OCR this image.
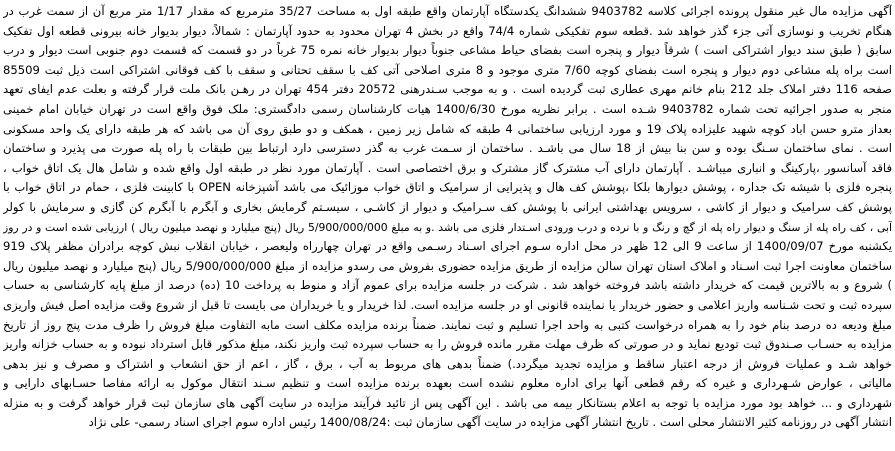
آگهی مزایده مال غیر منقول پرونده اجرائی کلاسه 9403782 ششدانگ یکدستگاه آپارتمان واقع طبقه اول به مساحت 35/27 مترمربع که مقدار 1/17 متر مربع آن از سمت غرب در
هنگام تخریب و نوسازی آتی جزء گذر خواهد شد .قطعه سوم تفکیکی شماره 74/4 واقع در بخش 4 تهران محدود به حدود آپارتمان : شمالاً، دیوار بدیوار خانه بیرونی قطعه اول تفکیک
سابق ( طبق سند دیوار اشتراکی است ) شرقاً دیوار و پنجره است بفضای حیاط مشاعی جنوباً دیوار بدیوار خانه نمره 75 غرباً در دو قسمت که قسمت دوم جنوبی است دیوار و درب
است براه پله مشاعی دوم دیوار و پنجره است بفضای کوچه 7/60 متری موجود و 8 متری اصلاحی آتی کف با سقف تحتانی و سقف با کف فوقانی اشتراکی است ذیل ثبت 85509
صفحه 116 دفتر املاک جلد 212 بنام خانم مهری عطاری ثبت گردیده است . و به موجب سـندرهنی 20572 دفتر 454 تهران در رهـن بانک ملت قرار گرفته و بعلت عدم ایفای تعهد
منجر به صدور اجرائیه تحت شماره 9403782 شـده است . برابر نظریه مورخ 1400/6/30 هیات کارشناسان رسمی دادگستری: ملک فوق واقع است در تهران خیابان امام خمینی
بعداز مترو حسن اباد کوچه شهید علیزاده پلاک 19 و مورد ارزیابی ساختمانی 4 طبقه که شامل زیر زمین ، همکف و دو طبق روی آن می باشد که هر طبقه دارای یک واحد مسکونی
است . نمای ساختمان سـنگ بوده و سن بنا بیش از 18 سال می باشـد . ساختمان از سـمت غرب به گذر دسترسی دارد ارتباط بین طبقات با راه پله صورت می پذیرد و ساختمان
فاقد آسانسور ،پارکینگ و انباری میباشـد . آپارتمان دارای آب مشترک گاز مشترک و برق اختصاصی است . آپارتمان مورد نظر در طبقه اول واقع شده و شامل هال یک اتاق خواب ،
پنجره فلزی با شیشه تک جداره ، پوشش دیوارها بلکا ،پوشش کف هال و پذیرایی از سرامیک و اتاق خواب موزائیک می باشد آشپزخانه OPEN با کابینت فلزی ، حمام در اتاق خواب با
پوشش کف سرامیک و دیوار از کاشی ، سرویس بهداشتی ایرانی با پوشش کف سـرامیک و دیوار از کاشـی ، سیسـتم گرمایش بخاری و آبگرم با آبگرم کن گازی و سرمایش با کولر
آبی ، کف راه پله از سنگ و دیوار راه پله از گچ و رنگ و با نرده و درب ورودی اسـتدار فلزی می باشد .و به مبلغ 5/900/000/000 ریال (پنج میلیارد و نهصد میلیون ریال ) ارزیابی شده است و در روز
یکشنبه مورخ 1400/09/07 از ساعت 9 الی 12 ظهر در محل اداره سـوم اجرای اسـناد رسـمی واقع در تهران چهارراه ولیعصر ، خیابان انقلاب نبش کوچه برادران مظفر پلاک 919
ساختمان معاونت اجرا ثبت اسـناد و املاک استان تهران سالن مزایده از طریق مزایده حضوری بفروش می رسدو مزایده از مبلغ 5/900/000/000 ریال (پنج میلیارد و نهصد میلیون ریال
) شروع و به بالاترین قیمت که خریدار داشته باشد فروخته خواهد شد . شرکت در جلسه مزایده برای عموم آزاد و منوط به پرداخت 10 (ده) درصد از مبلغ پایه کارشناسی به حساب
سپرده ثبت و تحت شـناسه واریز اعلامی و حضور خریدار یا نماینده قانونی او در جلسه مزایده است. لذا خریدار و یا خریداران می بایست تا قبل از شروع وقت مزایده اصل فیش واریزی
مبلغ ودیعه ده درصد بنام خود را به همراه درخواست کتبی به واحد اجرا تسلیم و ثبت نمایند. ضمناً برنده مزایده مکلف است مابه التفاوت مبلغ فروش را ظرف مدت پنج روز از تاریخ
مزایده به حسـاب صـندوق ثبت تودیع نماید و در صورتی که ظرف مهلت مقرر مانده فروش را به حساب سپرده ثبت واریز نکند، مبلغ مذکور قابل استرداد نبوده و به حساب خزانه واریز
خواهد شـد و عملیات فروش از درجه اعتبار ساقط و مزایده تجدید میگردد.) ضمناً بدهی های مربوط به آب ، برق ، گاز ، اعم از حق انشعاب و اشتراک و مصرف و نیز بدهی
مالیاتی ، عوارض شـهرداری و غیره که رقم قطعی آنها برای اداره معلوم نشده است بعهده برنده مزایده است و تنظیم سـند انتقال موکول به ارائه مفاصا حسـابهای دارایی و
شهرداری و ... خواهد بود مورد مزایده با توجه به اعلام بستانکار بیمه می باشد . این آگهی پس از تائید فرآیند مزایده در سایت آگهی های سازمان ثبت قرار خواهد گرفت و به منزله
انتشار آگهی در روزنامه کثیر الانتشار محلی است . تاریخ انتشار آگهی مزایده در سایت آگهی سازمان ثبت :1400/08/24 رئیس اداره سوم اجرای اسناد رسمی- علی نژاد
